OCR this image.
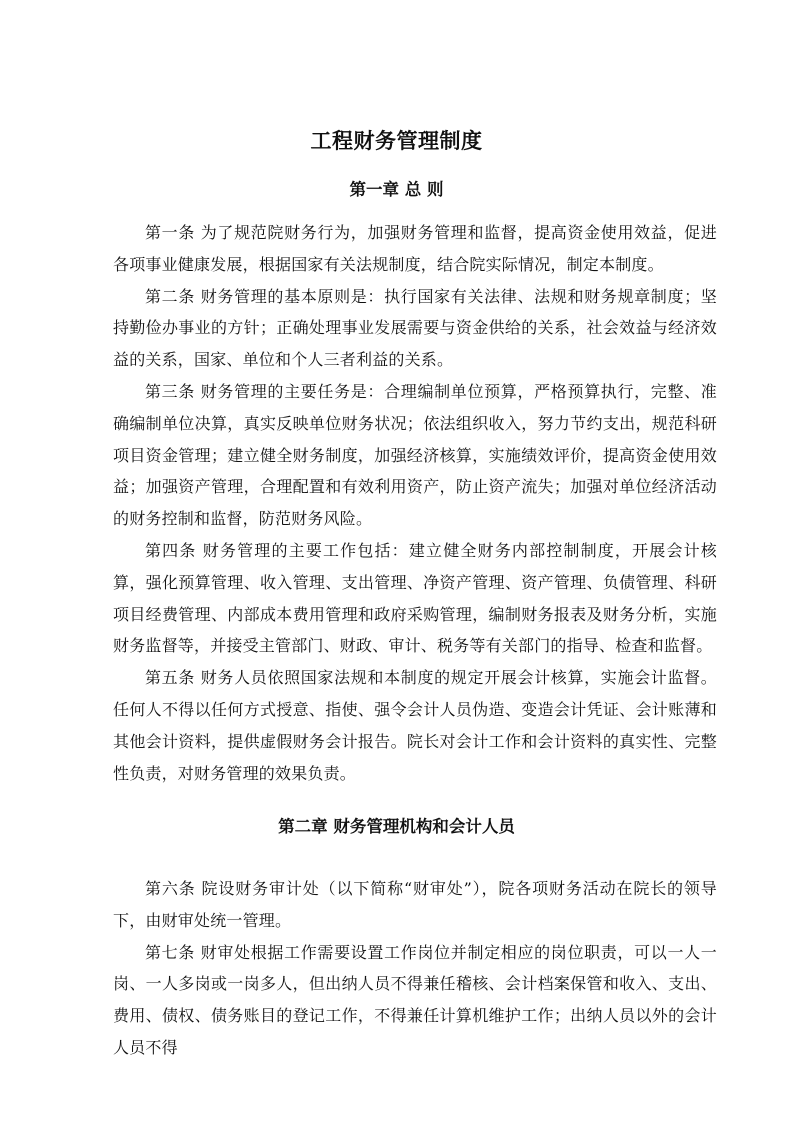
工程财务管理制度
第一章 总 则

第一条 为了规范院财务行为，加强财务管理和监督，提高资金使用效益，促进各项事业健康发展，根据国家有关法规制度，结合院实际情况，制定本制度。

第二条 财务管理的基本原则是：执行国家有关法律、法规和财务规章制度；坚持勤俭办事业的方针；正确处理事业发展需要与资金供给的关系，社会效益与经济效益的关系，国家、单位和个人三者利益的关系。

第三条 财务管理的主要任务是：合理编制单位预算，严格预算执行，完整、准确编制单位决算，真实反映单位财务状况；依法组织收入，努力节约支出，规范科研项目资金管理；建立健全财务制度，加强经济核算，实施绩效评价，提高资金使用效益；加强资产管理，合理配置和有效利用资产，防止资产流失；加强对单位经济活动的财务控制和监督，防范财务风险。

第四条 财务管理的主要工作包括：建立健全财务内部控制制度，开展会计核算，强化预算管理、收入管理、支出管理、净资产管理、资产管理、负债管理、科研项目经费管理、内部成本费用管理和政府采购管理，编制财务报表及财务分析，实施财务监督等，并接受主管部门、财政、审计、税务等有关部门的指导、检查和监督。

第五条 财务人员依照国家法规和本制度的规定开展会计核算，实施会计监督。任何人不得以任何方式授意、指使、强令会计人员伪造、变造会计凭证、会计账薄和其他会计资料，提供虚假财务会计报告。院长对会计工作和会计资料的真实性、完整性负责，对财务管理的效果负责。

第二章 财务管理机构和会计人员

第六条 院设财务审计处（以下简称“财审处”），院各项财务活动在院长的领导下，由财审处统一管理。

第七条 财审处根据工作需要设置工作岗位并制定相应的岗位职责，可以一人一岗、一人多岗或一岗多人，但出纳人员不得兼任稽核、会计档案保管和收入、支出、费用、债权、债务账目的登记工作，不得兼任计算机维护工作；出纳人员以外的会计人员不得
